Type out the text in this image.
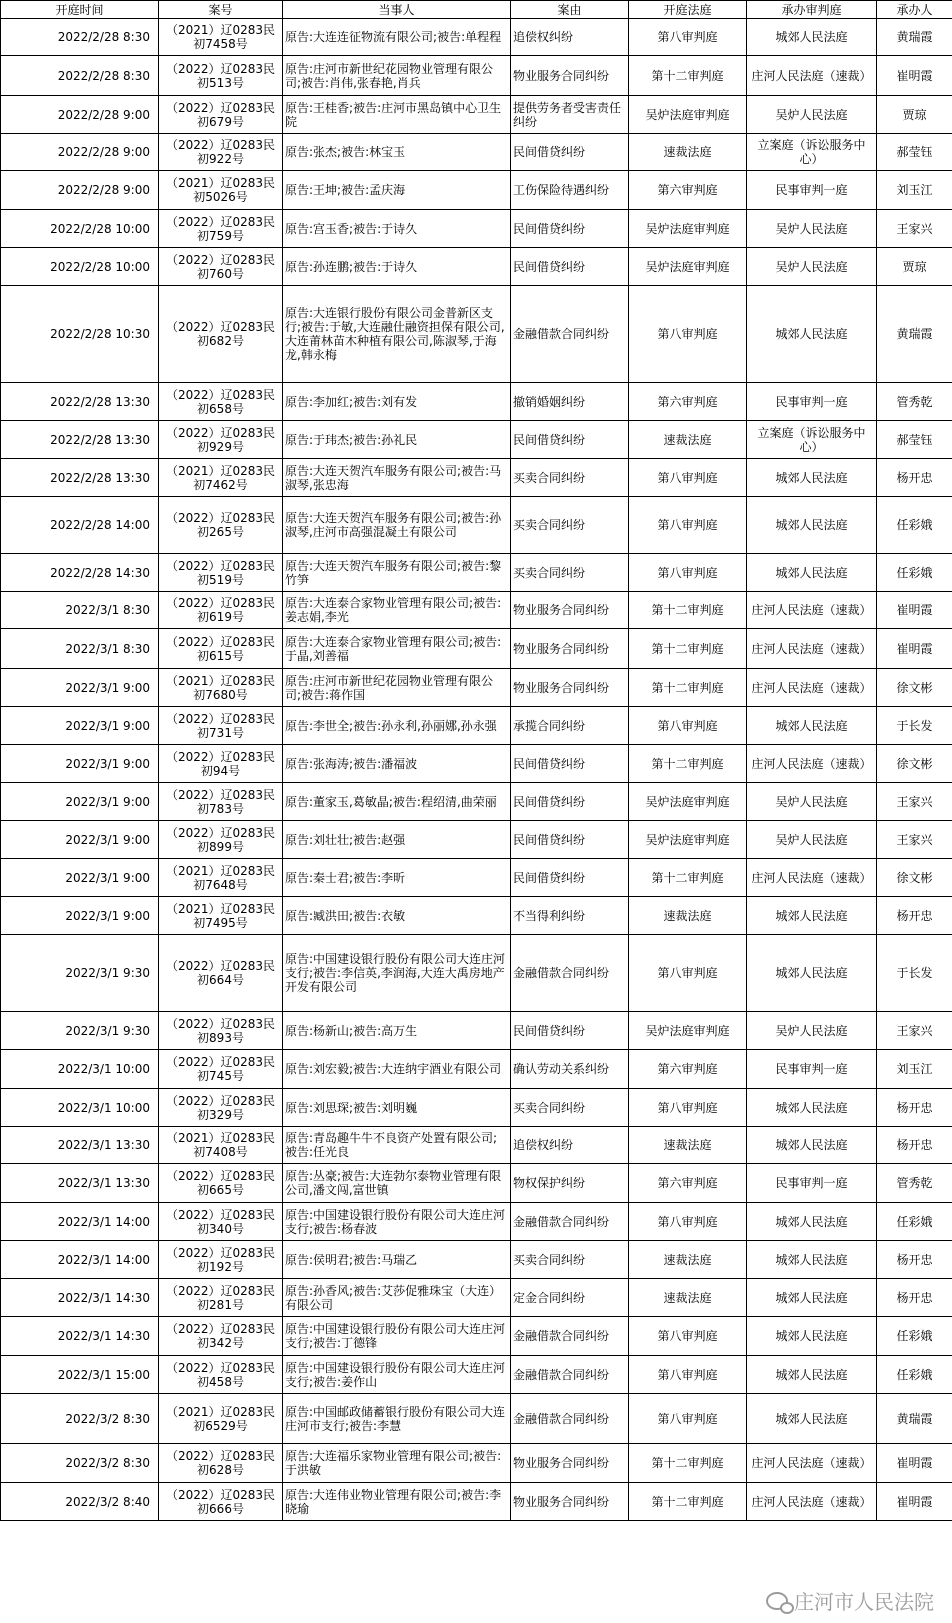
开庭时间	案号	当事人	案由	开庭法庭	承办审判庭	承办人
2022/2/28 8:30	（2021）辽0283民初7458号	原告:大连连征物流有限公司;被告:单程程	追偿权纠纷	第八审判庭	城郊人民法庭	黄瑞霞
2022/2/28 8:30	（2022）辽0283民初513号	原告:庄河市新世纪花园物业管理有限公司;被告:肖伟,张春艳,肖兵	物业服务合同纠纷	第十二审判庭	庄河人民法庭（速裁）	崔明霞
2022/2/28 9:00	（2022）辽0283民初679号	原告:王桂香;被告:庄河市黑岛镇中心卫生院	提供劳务者受害责任纠纷	吴炉法庭审判庭	吴炉人民法庭	贾琼
2022/2/28 9:00	（2022）辽0283民初922号	原告:张杰;被告:林宝玉	民间借贷纠纷	速裁法庭	立案庭（诉讼服务中心）	郝莹钰
2022/2/28 9:00	（2021）辽0283民初5026号	原告:王坤;被告:孟庆海	工伤保险待遇纠纷	第六审判庭	民事审判一庭	刘玉江
2022/2/28 10:00	（2022）辽0283民初759号	原告:宫玉香;被告:于诗久	民间借贷纠纷	吴炉法庭审判庭	吴炉人民法庭	王家兴
2022/2/28 10:00	（2022）辽0283民初760号	原告:孙连鹏;被告:于诗久	民间借贷纠纷	吴炉法庭审判庭	吴炉人民法庭	贾琼
2022/2/28 10:30	（2022）辽0283民初682号	原告:大连银行股份有限公司金普新区支行;被告:于敏,大连融仕融资担保有限公司,大连莆林苗木种植有限公司,陈淑琴,于海龙,韩永梅	金融借款合同纠纷	第八审判庭	城郊人民法庭	黄瑞霞
2022/2/28 13:30	（2022）辽0283民初658号	原告:李加红;被告:刘有发	撤销婚姻纠纷	第六审判庭	民事审判一庭	管秀乾
2022/2/28 13:30	（2022）辽0283民初929号	原告:于玮杰;被告:孙礼民	民间借贷纠纷	速裁法庭	立案庭（诉讼服务中心）	郝莹钰
2022/2/28 13:30	（2021）辽0283民初7462号	原告:大连天贺汽车服务有限公司;被告:马淑琴,张忠海	买卖合同纠纷	第八审判庭	城郊人民法庭	杨开忠
2022/2/28 14:00	（2022）辽0283民初265号	原告:大连天贺汽车服务有限公司;被告:孙淑琴,庄河市高强混凝土有限公司	买卖合同纠纷	第八审判庭	城郊人民法庭	任彩娥
2022/2/28 14:30	（2022）辽0283民初519号	原告:大连天贺汽车服务有限公司;被告:黎竹笋	买卖合同纠纷	第八审判庭	城郊人民法庭	任彩娥
2022/3/1 8:30	（2022）辽0283民初619号	原告:大连泰合家物业管理有限公司;被告:姜志娟,李光	物业服务合同纠纷	第十二审判庭	庄河人民法庭（速裁）	崔明霞
2022/3/1 8:30	（2022）辽0283民初615号	原告:大连泰合家物业管理有限公司;被告:于晶,刘善福	物业服务合同纠纷	第十二审判庭	庄河人民法庭（速裁）	崔明霞
2022/3/1 9:00	（2021）辽0283民初7680号	原告:庄河市新世纪花园物业管理有限公司;被告:蒋作国	物业服务合同纠纷	第十二审判庭	庄河人民法庭（速裁）	徐文彬
2022/3/1 9:00	（2022）辽0283民初731号	原告:李世全;被告:孙永利,孙丽娜,孙永强	承揽合同纠纷	第八审判庭	城郊人民法庭	于长发
2022/3/1 9:00	（2022）辽0283民初94号	原告:张海涛;被告:潘福波	民间借贷纠纷	第十二审判庭	庄河人民法庭（速裁）	徐文彬
2022/3/1 9:00	（2022）辽0283民初783号	原告:董家玉,葛敏晶;被告:程绍清,曲荣丽	民间借贷纠纷	吴炉法庭审判庭	吴炉人民法庭	王家兴
2022/3/1 9:00	（2022）辽0283民初899号	原告:刘壮壮;被告:赵强	民间借贷纠纷	吴炉法庭审判庭	吴炉人民法庭	王家兴
2022/3/1 9:00	（2021）辽0283民初7648号	原告:秦士君;被告:李昕	民间借贷纠纷	第十二审判庭	庄河人民法庭（速裁）	徐文彬
2022/3/1 9:00	（2021）辽0283民初7495号	原告:臧洪田;被告:衣敏	不当得利纠纷	速裁法庭	城郊人民法庭	杨开忠
2022/3/1 9:30	（2022）辽0283民初664号	原告:中国建设银行股份有限公司大连庄河支行;被告:李信英,李润海,大连大禹房地产开发有限公司	金融借款合同纠纷	第八审判庭	城郊人民法庭	于长发
2022/3/1 9:30	（2022）辽0283民初893号	原告:杨新山;被告:高万生	民间借贷纠纷	吴炉法庭审判庭	吴炉人民法庭	王家兴
2022/3/1 10:00	（2022）辽0283民初745号	原告:刘宏毅;被告:大连纳宇酒业有限公司	确认劳动关系纠纷	第六审判庭	民事审判一庭	刘玉江
2022/3/1 10:00	（2022）辽0283民初329号	原告:刘思琛;被告:刘明巍	买卖合同纠纷	第八审判庭	城郊人民法庭	杨开忠
2022/3/1 13:30	（2021）辽0283民初7408号	原告:青岛趣牛牛不良资产处置有限公司;被告:任光良	追偿权纠纷	速裁法庭	城郊人民法庭	杨开忠
2022/3/1 13:30	（2022）辽0283民初665号	原告:丛豪;被告:大连勃尔泰物业管理有限公司,潘文闯,富世镇	物权保护纠纷	第六审判庭	民事审判一庭	管秀乾
2022/3/1 14:00	（2022）辽0283民初340号	原告:中国建设银行股份有限公司大连庄河支行;被告:杨春波	金融借款合同纠纷	第八审判庭	城郊人民法庭	任彩娥
2022/3/1 14:00	（2022）辽0283民初192号	原告:侯明君;被告:马瑞乙	买卖合同纠纷	速裁法庭	城郊人民法庭	杨开忠
2022/3/1 14:30	（2022）辽0283民初281号	原告:孙香风;被告:艾莎促雅珠宝（大连）有限公司	定金合同纠纷	速裁法庭	城郊人民法庭	杨开忠
2022/3/1 14:30	（2022）辽0283民初342号	原告:中国建设银行股份有限公司大连庄河支行;被告:丁德锋	金融借款合同纠纷	第八审判庭	城郊人民法庭	任彩娥
2022/3/1 15:00	（2022）辽0283民初458号	原告:中国建设银行股份有限公司大连庄河支行;被告:姜作山	金融借款合同纠纷	第八审判庭	城郊人民法庭	任彩娥
2022/3/2 8:30	（2021）辽0283民初6529号	原告:中国邮政储蓄银行股份有限公司大连庄河市支行;被告:李慧	金融借款合同纠纷	第八审判庭	城郊人民法庭	黄瑞霞
2022/3/2 8:30	（2022）辽0283民初628号	原告:大连福乐家物业管理有限公司;被告:于洪敏	物业服务合同纠纷	第十二审判庭	庄河人民法庭（速裁）	崔明霞
2022/3/2 8:40	（2022）辽0283民初666号	原告:大连伟业物业管理有限公司;被告:李晓瑜	物业服务合同纠纷	第十二审判庭	庄河人民法庭（速裁）	崔明霞
庄河市人民法院
